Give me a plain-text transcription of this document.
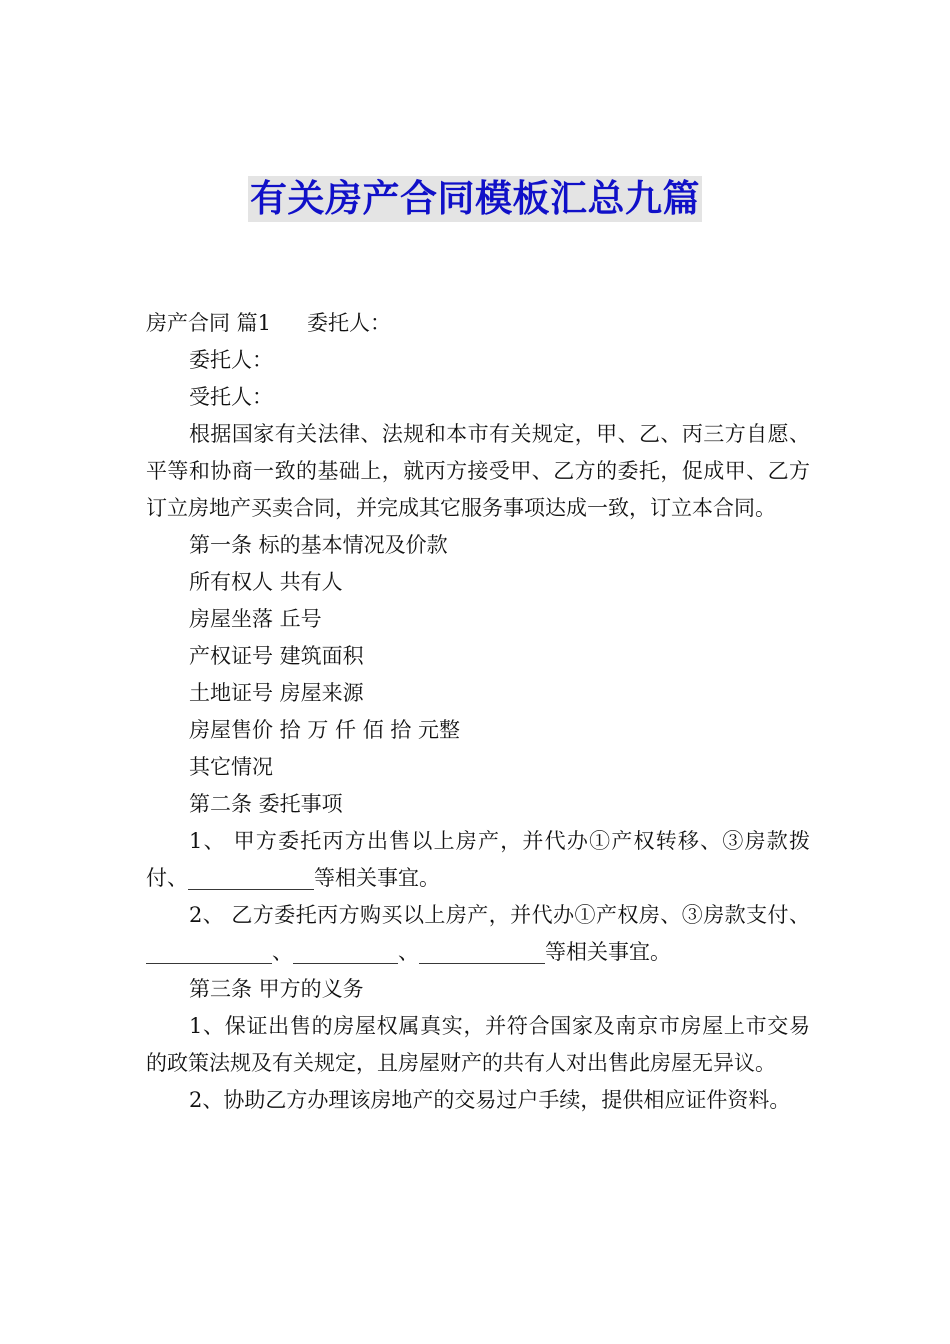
有关房产合同模板汇总九篇

房产合同 篇1 委托人：

委托人：

受托人：

根据国家有关法律、法规和本市有关规定，甲、乙、丙三方自愿、平等和协商一致的基础上，就丙方接受甲、乙方的委托，促成甲、乙方订立房地产买卖合同，并完成其它服务事项达成一致，订立本合同。

第一条 标的基本情况及价款

所有权人 共有人

房屋坐落 丘号

产权证号 建筑面积

土地证号 房屋来源

房屋售价 拾 万 仟 佰 拾 元整

其它情况

第二条 委托事项

1、 甲方委托丙方出售以上房产，并代办①产权转移、③房款拨付、____________等相关事宜。

2、 乙方委托丙方购买以上房产，并代办①产权房、③房款支付、____________、__________、____________等相关事宜。

第三条 甲方的义务

1、保证出售的房屋权属真实，并符合国家及南京市房屋上市交易的政策法规及有关规定，且房屋财产的共有人对出售此房屋无异议。

2、协助乙方办理该房地产的交易过户手续，提供相应证件资料。
